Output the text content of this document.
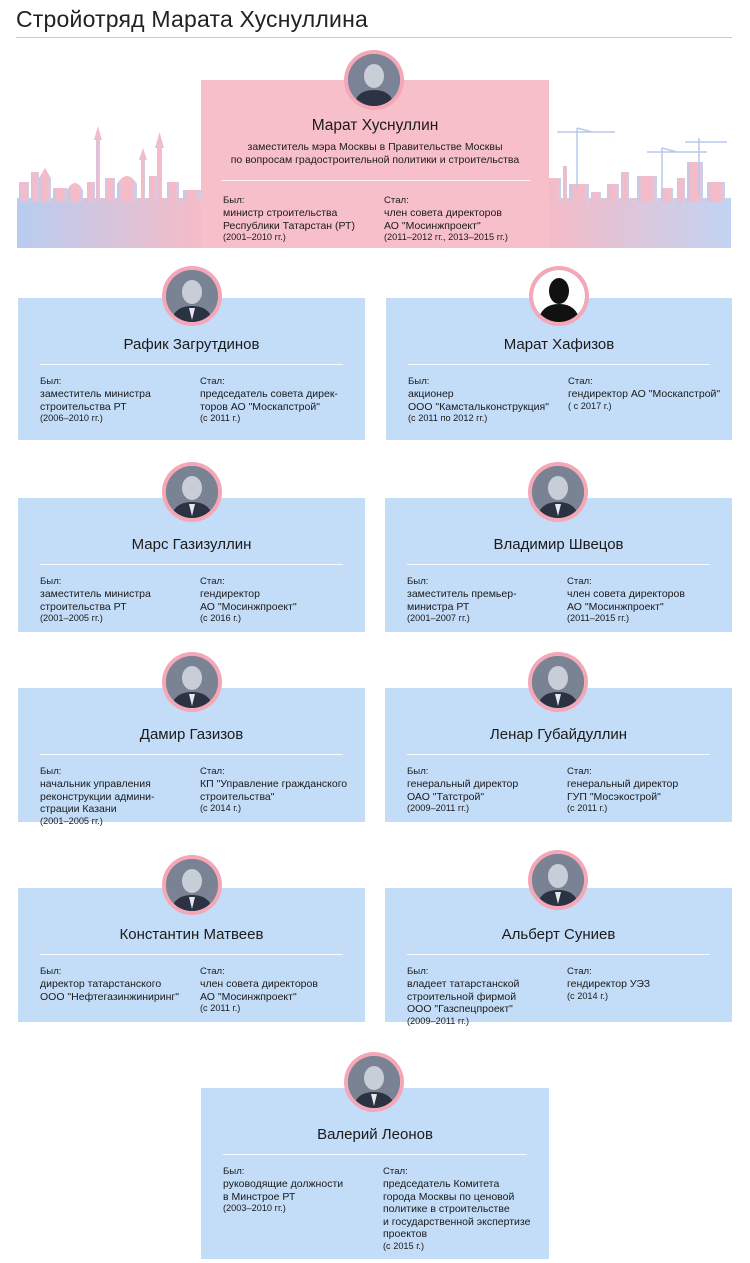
Стройотряд Марата Хуснуллина
Марат Хуснуллин
заместитель мэра Москвы в Правительстве Москвы
по вопросам градостроительной политики и строительства
Был:
министр строительства
Республики Татарстан (РТ)
(2001–2010 гг.)
Стал:
член совета директоров
АО "Мосинжпроект"
(2011–2012 гг., 2013–2015 гг.)
Рафик Загрутдинов
Был:
заместитель министра
строительства РТ
(2006–2010 гг.)
Стал:
председатель совета дирек-
торов АО "Москапстрой"
(с 2011 г.)
Марат Хафизов
Был:
акционер
ООО "Камстальконструкция"
(с 2011 по 2012 гг.)
Стал:
гендиректор АО "Москапстрой"
( с 2017 г.)
Марс Газизуллин
Был:
заместитель министра
строительства РТ
(2001–2005 гг.)
Стал:
гендиректор
АО "Мосинжпроект"
(с 2016 г.)
Владимир Швецов
Был:
заместитель премьер-
министра РТ
(2001–2007 гг.)
Стал:
член совета директоров
АО "Мосинжпроект"
(2011–2015 гг.)
Дамир Газизов
Был:
начальник управления
реконструкции админи-
страции Казани
(2001–2005 гг.)
Стал:
КП "Управление гражданского
строительства"
(с 2014 г.)
Ленар Губайдуллин
Был:
генеральный директор
ОАО "Татстрой"
(2009–2011 гг.)
Стал:
генеральный директор
ГУП "Мосэкострой"
(с 2011 г.)
Константин Матвеев
Был:
директор татарстанского
ООО "Нефтегазинжиниринг"
Стал:
член совета директоров
АО "Мосинжпроект"
(с 2011 г.)
Альберт Суниев
Был:
владеет татарстанской
строительной фирмой
ООО "Газспецпроект"
(2009–2011 гг.)
Стал:
гендиректор УЭЗ
(с 2014 г.)
Валерий Леонов
Был:
руководящие должности
в Минстрое РТ
(2003–2010 гг.)
Стал:
председатель Комитета
города Москвы по ценовой
политике в строительстве
и государственной экспертизе
проектов
(с 2015 г.)
